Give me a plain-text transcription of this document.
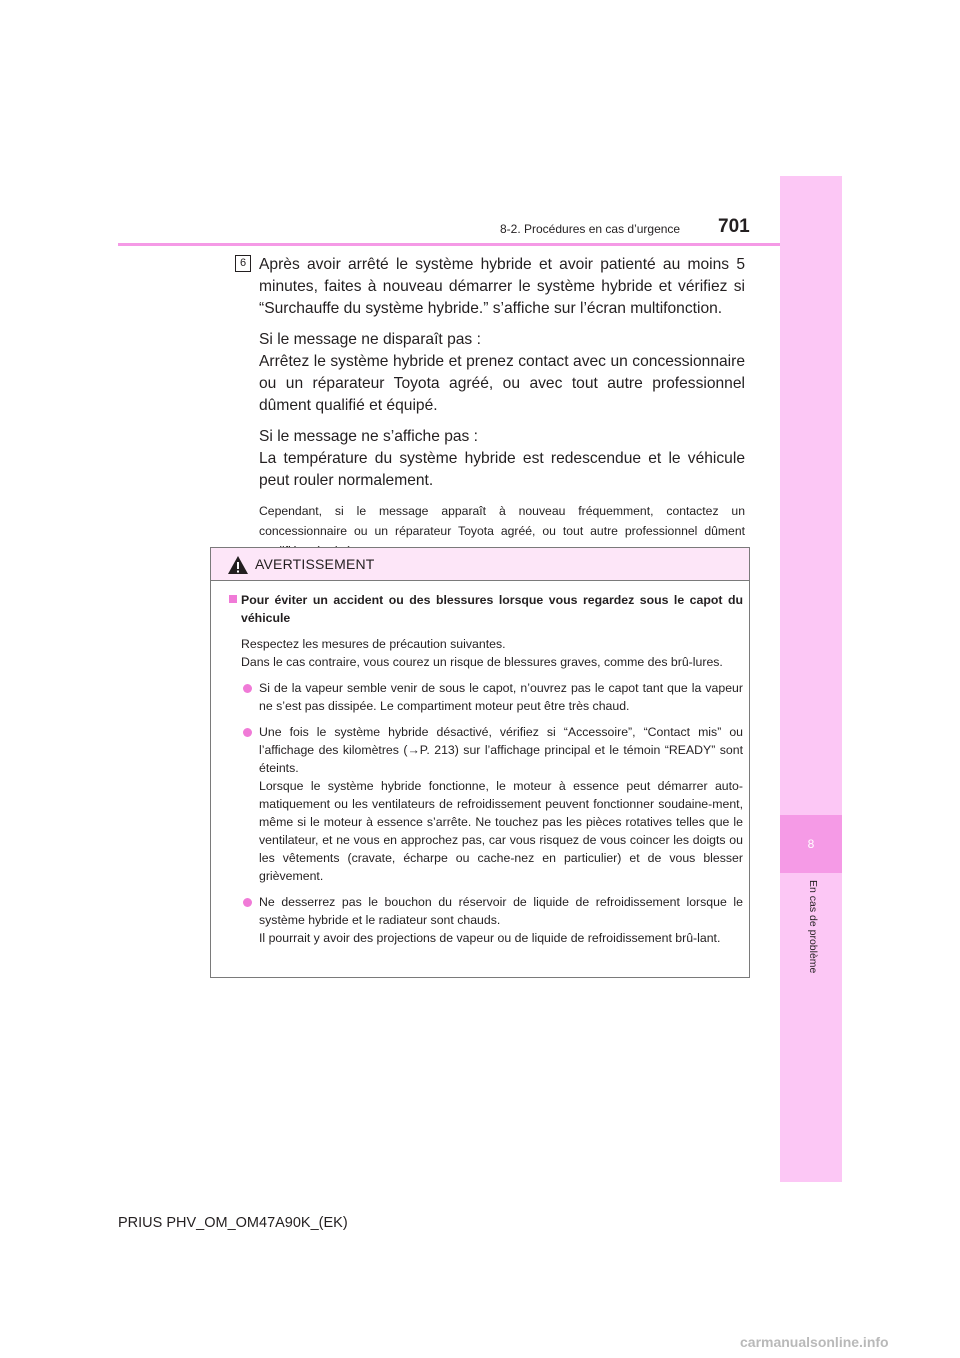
8
En cas de problème
8-2. Procédures en cas d’urgence 701
6 Après avoir arrêté le système hybride et avoir patienté au moins 5 minutes, faites à nouveau démarrer le système hybride et vérifiez si “Surchauffe du système hybride.” s’affiche sur l’écran multifonction.

Si le message ne disparaît pas :

Arrêtez le système hybride et prenez contact avec un concessionnaire ou un réparateur Toyota agréé, ou avec tout autre professionnel dûment qualifié et équipé.

Si le message ne s’affiche pas :

La température du système hybride est redescendue et le véhicule peut rouler normalement.

Cependant, si le message apparaît à nouveau fréquemment, contactez un concessionnaire ou un réparateur Toyota agréé, ou tout autre professionnel dûment

AVERTISSEMENT

Pour éviter un accident ou des blessures lorsque vous regardez sous le capot du véhicule

Respectez les mesures de précaution suivantes.
Dans le cas contraire, vous courez un risque de blessures graves, comme des brû-lures.

Si de la vapeur semble venir de sous le capot, n’ouvrez pas le capot tant que la vapeur ne s’est pas dissipée. Le compartiment moteur peut être très chaud.

Une fois le système hybride désactivé, vérifiez si “Accessoire”, “Contact mis” ou l’affichage des kilomètres (→P. 213) sur l’affichage principal et le témoin “READY” sont éteints.
Lorsque le système hybride fonctionne, le moteur à essence peut démarrer auto-matiquement ou les ventilateurs de refroidissement peuvent fonctionner soudaine-ment, même si le moteur à essence s’arrête. Ne touchez pas les pièces rotatives telles que le ventilateur, et ne vous en approchez pas, car vous risquez de vous coincer les doigts ou les vêtements (cravate, écharpe ou cache-nez en particulier) et de vous blesser grièvement.

Ne desserrez pas le bouchon du réservoir de liquide de refroidissement lorsque le système hybride et le radiateur sont chauds.
Il pourrait y avoir des projections de vapeur ou de liquide de refroidissement brû-lant.

PRIUS PHV_OM_OM47A90K_(EK)
carmanualsonline.info
